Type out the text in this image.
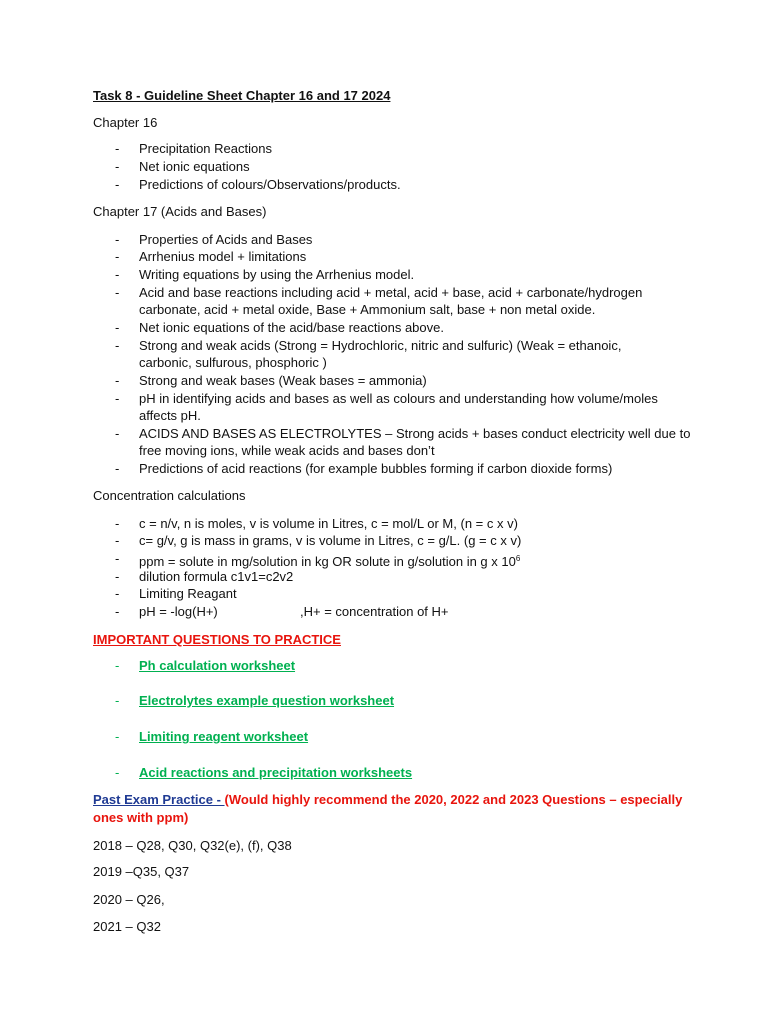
Task 8 - Guideline Sheet Chapter 16 and 17 2024
Chapter 16
- Precipitation Reactions
- Net ionic equations
- Predictions of colours/Observations/products.
Chapter 17 (Acids and Bases)
- Properties of Acids and Bases
- Arrhenius model + limitations
- Writing equations by using the Arrhenius model.
- Acid and base reactions including acid + metal, acid + base, acid + carbonate/hydrogen
carbonate, acid + metal oxide, Base + Ammonium salt, base + non metal oxide.
- Net ionic equations of the acid/base reactions above.
- Strong and weak acids (Strong = Hydrochloric, nitric and sulfuric) (Weak = ethanoic,
carbonic, sulfurous, phosphoric )
- Strong and weak bases (Weak bases = ammonia)
- pH in identifying acids and bases as well as colours and understanding how volume/moles
affects pH.
- ACIDS AND BASES AS ELECTROLYTES – Strong acids + bases conduct electricity well due to
free moving ions, while weak acids and bases don’t
- Predictions of acid reactions (for example bubbles forming if carbon dioxide forms)
Concentration calculations
- c = n/v, n is moles, v is volume in Litres, c = mol/L or M, (n = c x v)
- c= g/v, g is mass in grams, v is volume in Litres, c = g/L. (g = c x v)
- ppm = solute in mg/solution in kg OR solute in g/solution in g x $10^6$
- dilution formula c1v1=c2v2
- Limiting Reagant
- pH = -log(H+)	,H+ = concentration of H+
IMPORTANT QUESTIONS TO PRACTICE
- Ph calculation worksheet
- Electrolytes example question worksheet
- Limiting reagent worksheet
- Acid reactions and precipitation worksheets
Past Exam Practice - (Would highly recommend the 2020, 2022 and 2023 Questions – especially
ones with ppm)
2018 – Q28, Q30, Q32(e), (f), Q38
2019 –Q35, Q37
2020 – Q26,
2021 – Q32
